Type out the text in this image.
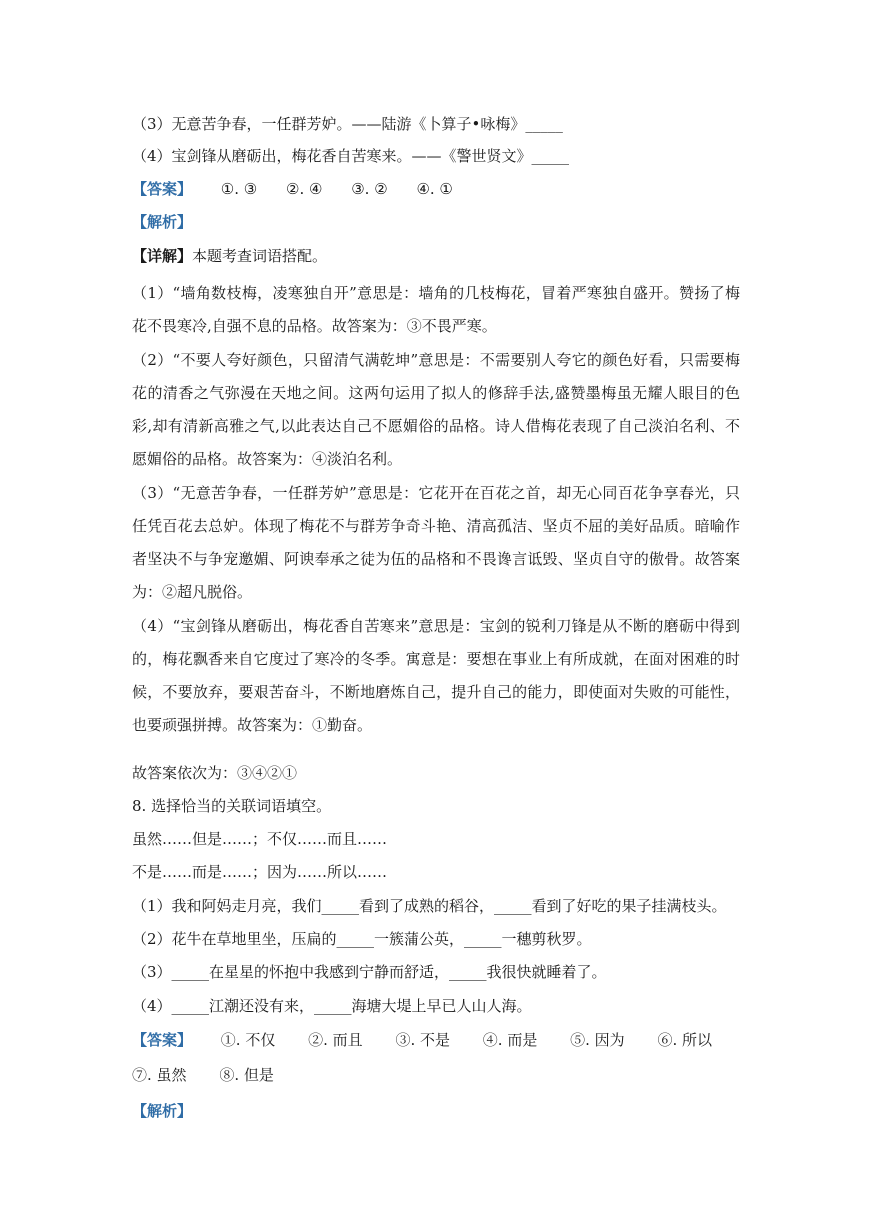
（3）无意苦争春，一任群芳妒。——陆游《卜算子•咏梅》_____
（4）宝剑锋从磨砺出，梅花香自苦寒来。——《警世贤文》_____
【答案】 ①. ③ ②. ④ ③. ② ④. ①
【解析】
【详解】本题考查词语搭配。
（1）“墙角数枝梅，凌寒独自开”意思是：墙角的几枝梅花，冒着严寒独自盛开。赞扬了梅花不畏寒冷,自强不息的品格。故答案为：③不畏严寒。
（2）“不要人夸好颜色，只留清气满乾坤”意思是：不需要别人夸它的颜色好看，只需要梅花的清香之气弥漫在天地之间。这两句运用了拟人的修辞手法,盛赞墨梅虽无耀人眼目的色彩,却有清新高雅之气,以此表达自己不愿媚俗的品格。诗人借梅花表现了自己淡泊名利、不愿媚俗的品格。故答案为：④淡泊名利。
（3）“无意苦争春，一任群芳妒”意思是：它花开在百花之首，却无心同百花争享春光，只任凭百花去总妒。体现了梅花不与群芳争奇斗艳、清高孤洁、坚贞不屈的美好品质。暗喻作者坚决不与争宠邀媚、阿谀奉承之徒为伍的品格和不畏谗言诋毁、坚贞自守的傲骨。故答案为：②超凡脱俗。
（4）“宝剑锋从磨砺出，梅花香自苦寒来”意思是：宝剑的锐利刀锋是从不断的磨砺中得到的，梅花飘香来自它度过了寒冷的冬季。寓意是：要想在事业上有所成就，在面对困难的时候，不要放弃，要艰苦奋斗，不断地磨炼自己，提升自己的能力，即使面对失败的可能性，也要顽强拼搏。故答案为：①勤奋。
故答案依次为：③④②①
8. 选择恰当的关联词语填空。
虽然……但是……；不仅……而且……
不是……而是……；因为……所以……
（1）我和阿妈走月亮，我们_____看到了成熟的稻谷，_____看到了好吃的果子挂满枝头。
（2）花牛在草地里坐，压扁的_____一簇蒲公英，_____一穗剪秋罗。
（3）_____在星星的怀抱中我感到宁静而舒适，_____我很快就睡着了。
（4）_____江潮还没有来，_____海塘大堤上早已人山人海。
【答案】 ①. 不仅 ②. 而且 ③. 不是 ④. 而是 ⑤. 因为 ⑥. 所以
⑦. 虽然 ⑧. 但是
【解析】
